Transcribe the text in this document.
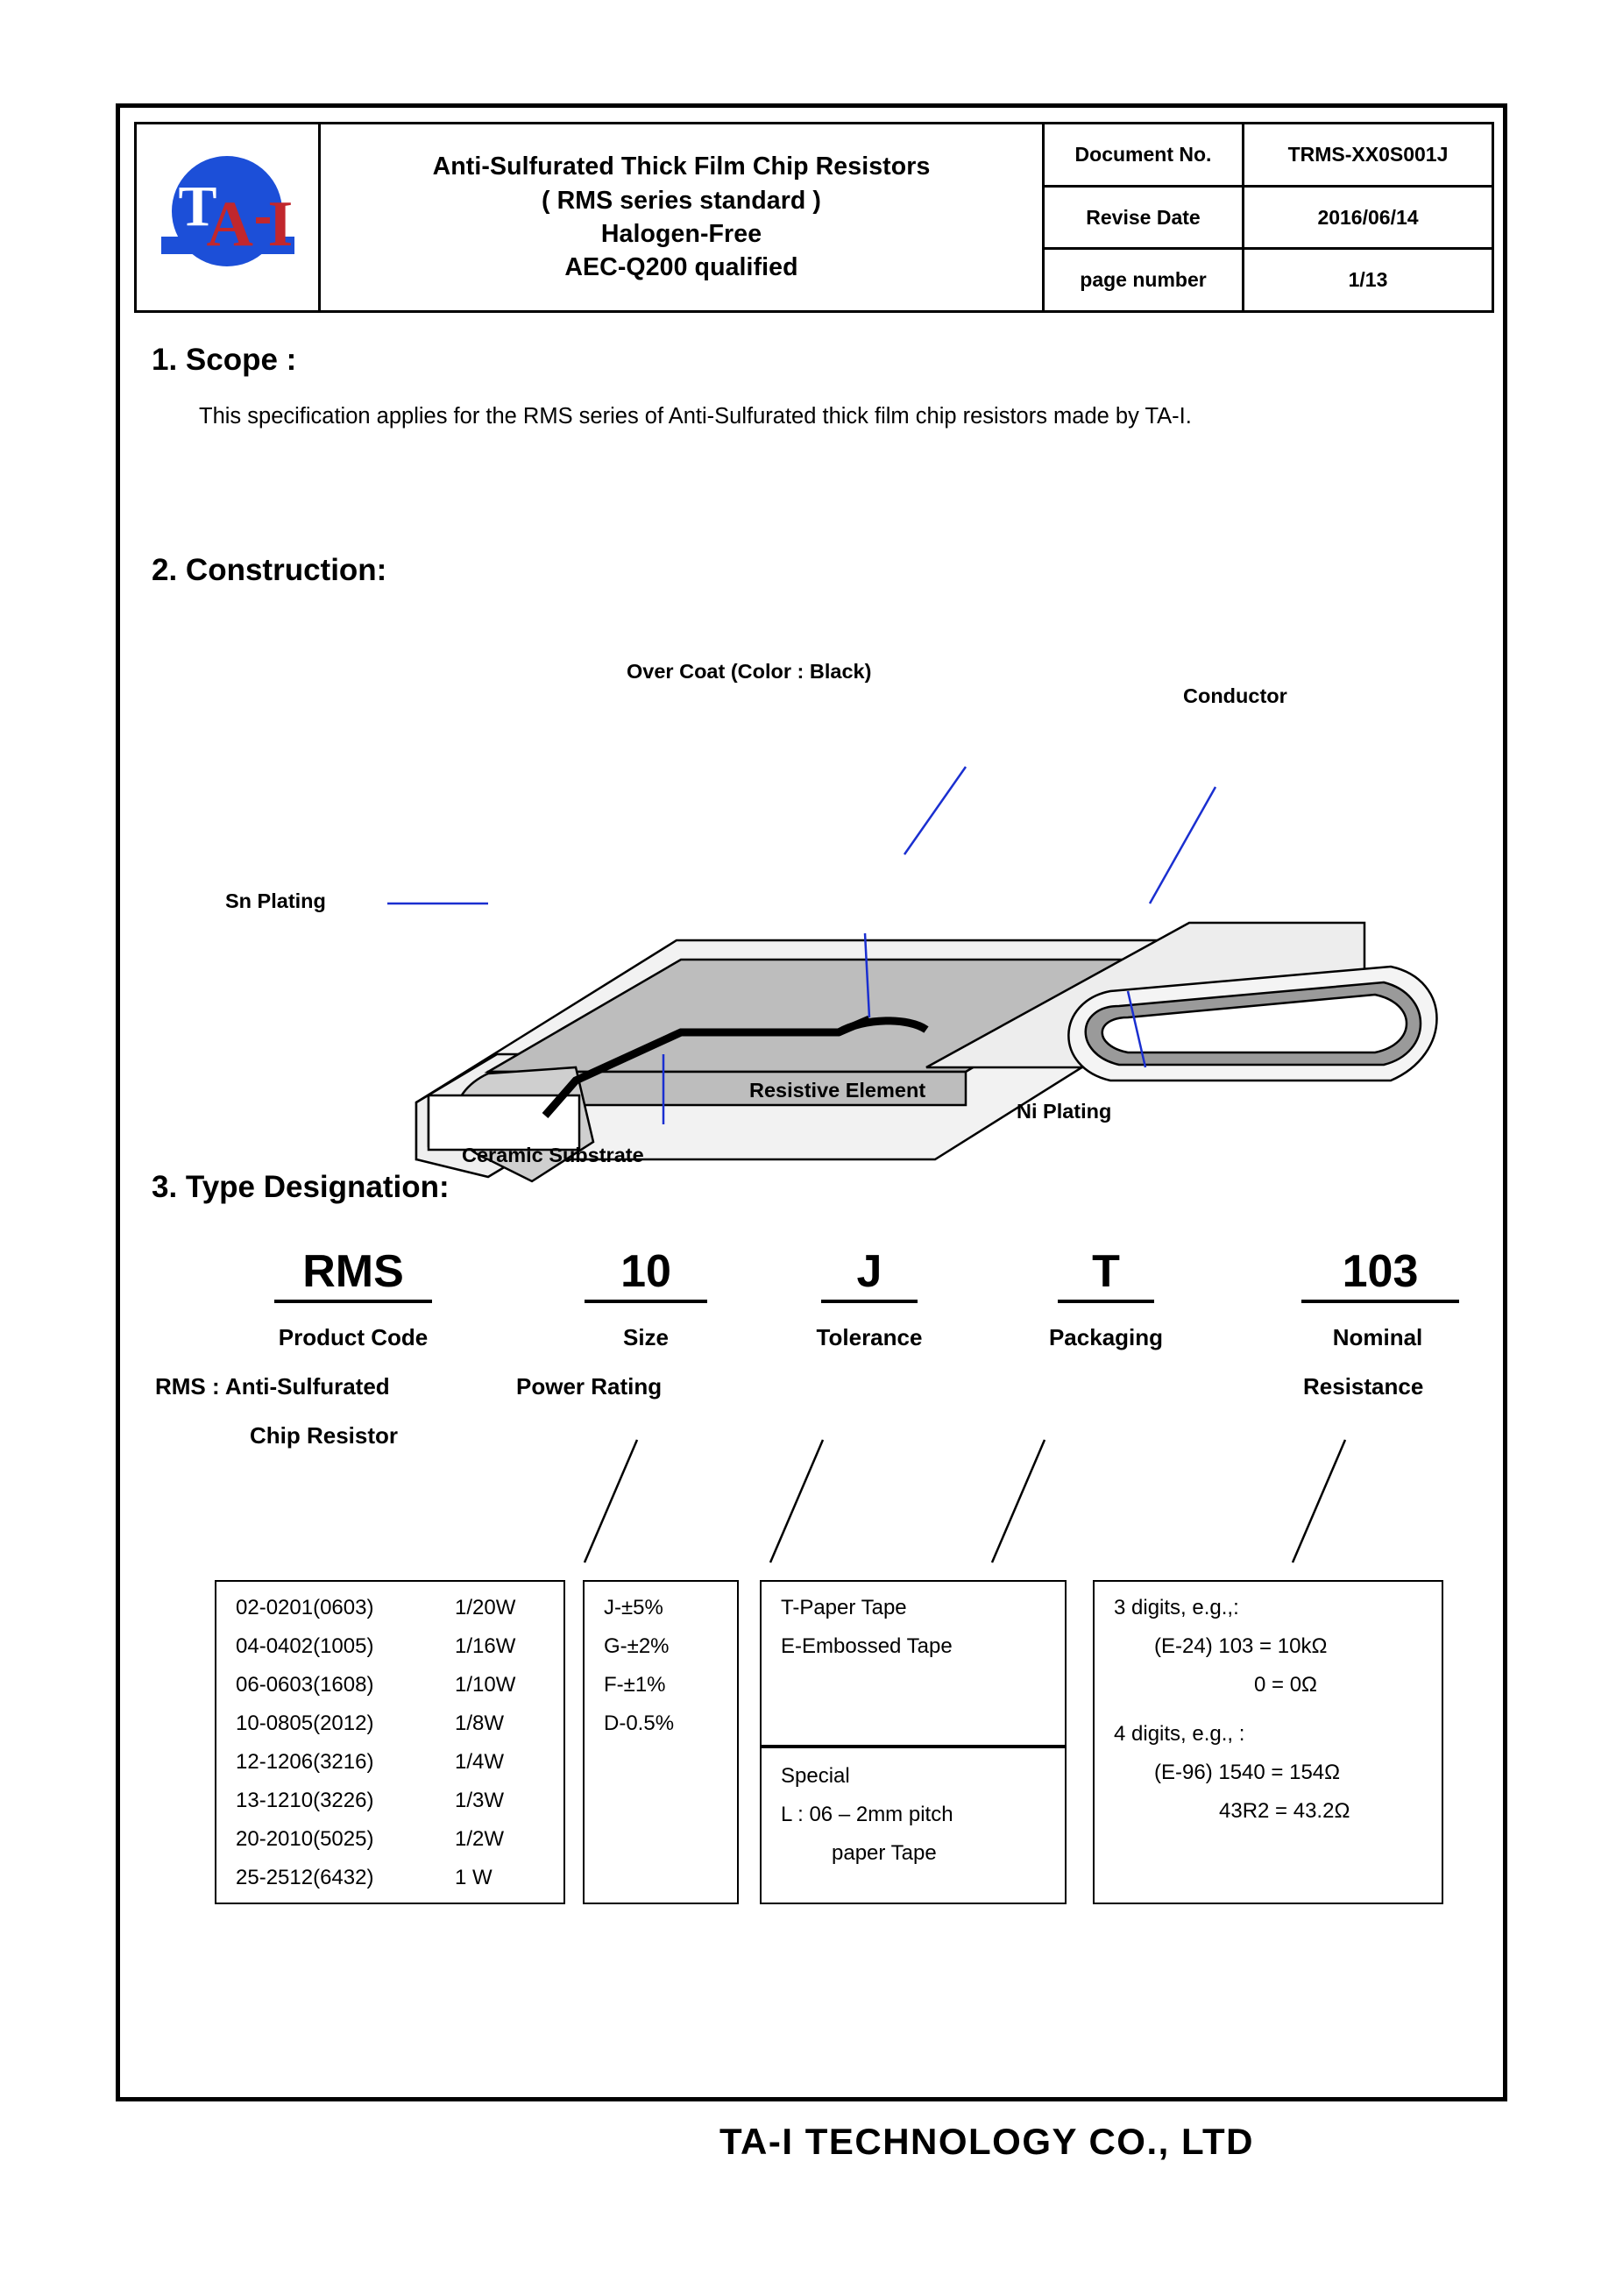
T
A I
Anti-Sulfurated Thick Film Chip Resistors
( RMS series standard )
Halogen-Free
AEC-Q200 qualified
Document No.	TRMS-XX0S001J
Revise Date	2016/06/14
page number	1/13
1. Scope :
This specification applies for the RMS series of Anti-Sulfurated thick film chip resistors made by TA-I.
2. Construction:
Over Coat (Color : Black)
Conductor
Sn Plating
Resistive Element
Ni Plating
Ceramic Substrate
3. Type Designation:
RMS	10	J	T	103
Product Code	Size	Tolerance	Packaging	Nominal
RMS : Anti-Sulfurated
Chip Resistor
Power Rating	Resistance
02-0201(0603)	1/20W
04-0402(1005)	1/16W
06-0603(1608)	1/10W
10-0805(2012)	1/8W
12-1206(3216)	1/4W
13-1210(3226)	1/3W
20-2010(5025)	1/2W
25-2512(6432)	1 W
J-±5%
G-±2%
F-±1%
D-0.5%
T-Paper Tape
E-Embossed Tape
Special
L : 06 – 2mm pitch
paper Tape
3 digits, e.g.,:
(E-24) 103 = 10kΩ
0 = 0Ω
4 digits, e.g., :
(E-96) 1540 = 154Ω
43R2 = 43.2Ω
TA-I TECHNOLOGY CO., LTD
